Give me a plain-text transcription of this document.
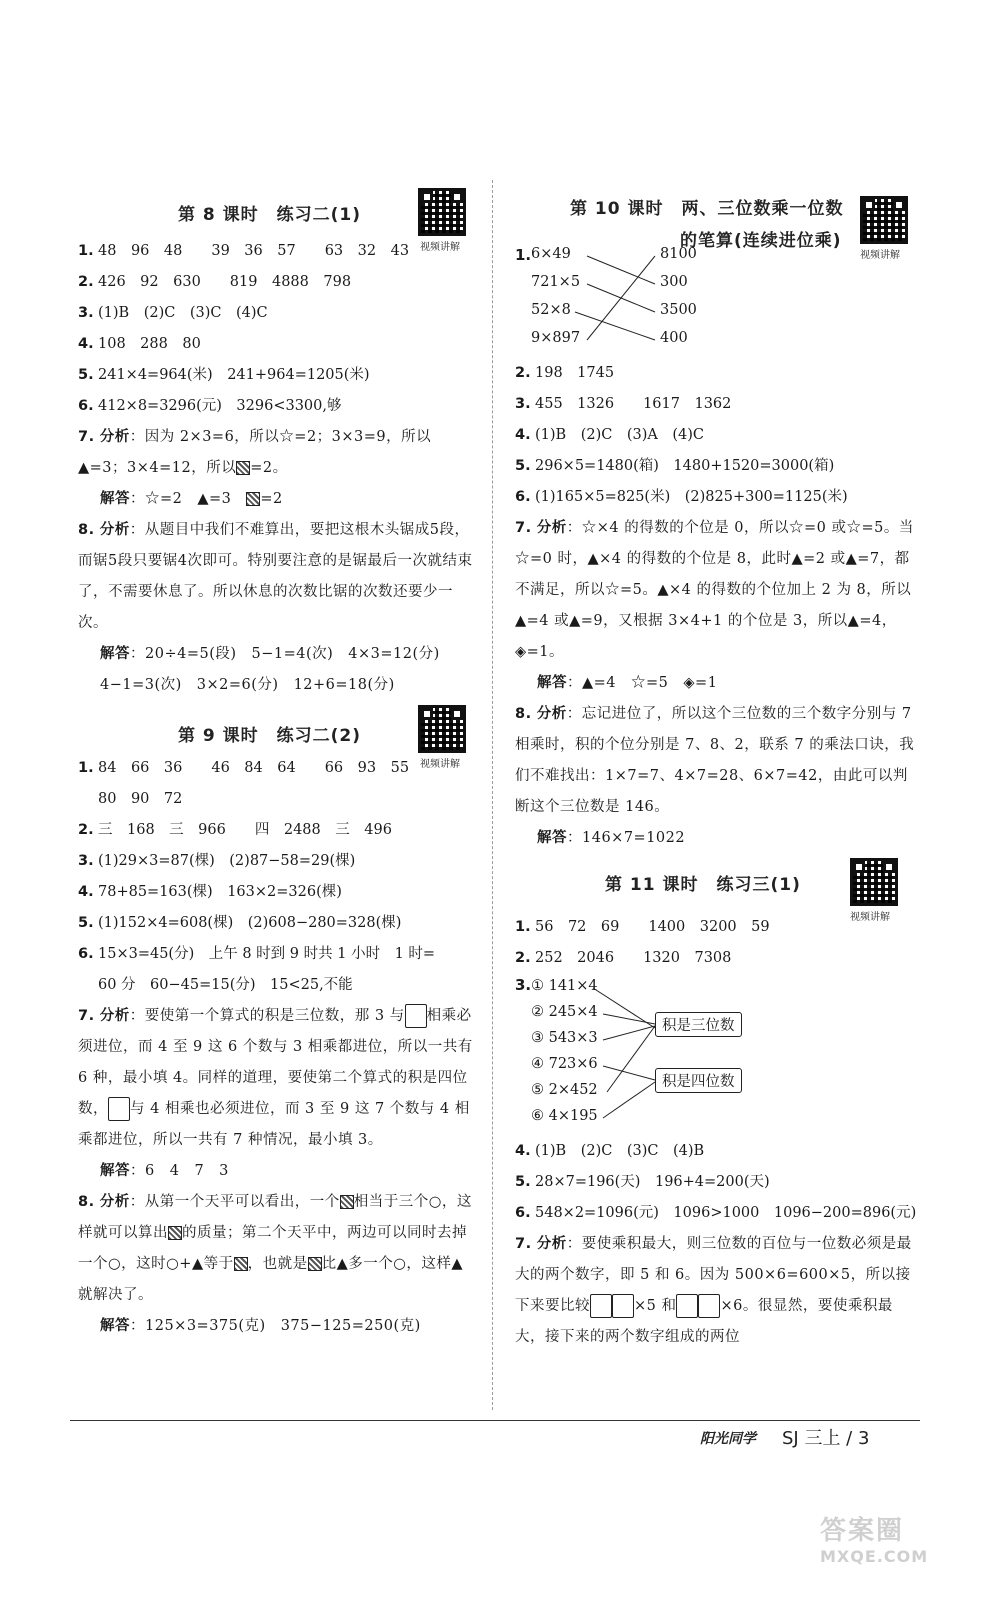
第 8 课时　练习二(1)
视频讲解
1. 48　96　48　　39　36　57　　63　32　43
2. 426　92　630　　819　4888　798
3. (1)B　(2)C　(3)C　(4)C
4. 108　288　80
5. 241×4=964(米)　241+964=1205(米)
6. 412×8=3296(元)　3296<3300,够
7. 分析：因为 2×3=6，所以☆=2；3×3=9，所以▲=3；3×4=12，所以 =2。
解答：☆=2　▲=3　=2
8. 分析：从题目中我们不难算出，要把这根木头锯成5段，而锯5段只要锯4次即可。特别要注意的是锯最后一次就结束了，不需要休息了。所以休息的次数比锯的次数还要少一次。
解答：20÷4=5(段)　5−1=4(次)　4×3=12(分)
4−1=3(次)　3×2=6(分)　12+6=18(分)
第 9 课时　练习二(2)
视频讲解
1. 84　66　36　　46　84　64　　66　93　55
80　90　72
2. 三　168　三　966　　四　2488　三　496
3. (1)29×3=87(棵)　(2)87−58=29(棵)
4. 78+85=163(棵)　163×2=326(棵)
5. (1)152×4=608(棵)　(2)608−280=328(棵)
6. 15×3=45(分)　上午 8 时到 9 时共 1 小时　1 时=
60 分　60−45=15(分)　15<25,不能
7. 分析：要使第一个算式的积是三位数，那 3 与 相乘必须进位，而 4 至 9 这 6 个数与 3 相乘都进位，所以一共有 6 种，最小填 4。同样的道理，要使第二个算式的积是四位数， 与 4 相乘也必须进位，而 3 至 9 这 7 个数与 4 相乘都进位，所以一共有 7 种情况，最小填 3。
解答：6　4　7　3
8. 分析：从第一个天平可以看出，一个 相当于三个○，这样就可以算出 的质量；第二个天平中，两边可以同时去掉一个○，这时○+▲等于 ，也就是 比▲多一个○，这样▲就解决了。
解答：125×3=375(克)　375−125=250(克)
第 10 课时　两、三位数乘一位数
的笔算(连续进位乘)
视频讲解
1. 6×49
721×5
52×8
9×897
8100
300
3500
400
2. 198　1745
3. 455　1326　　1617　1362
4. (1)B　(2)C　(3)A　(4)C
5. 296×5=1480(箱)　1480+1520=3000(箱)
6. (1)165×5=825(米)　(2)825+300=1125(米)
7. 分析：☆×4 的得数的个位是 0，所以☆=0 或☆=5。当☆=0 时，▲×4 的得数的个位是 8，此时▲=2 或▲=7，都不满足，所以☆=5。▲×4 的得数的个位加上 2 为 8，所以▲=4 或▲=9，又根据 3×4+1 的个位是 3，所以▲=4，◈=1。
解答：▲=4　☆=5　◈=1
8. 分析：忘记进位了，所以这个三位数的三个数字分别与 7 相乘时，积的个位分别是 7、8、2，联系 7 的乘法口诀，我们不难找出：1×7=7、4×7=28、6×7=42，由此可以判断这个三位数是 146。
解答：146×7=1022
第 11 课时　练习三(1)
视频讲解
1. 56　72　69　　1400　3200　59
2. 252　2046　　1320　7308
3. ① 141×4
② 245×4
③ 543×3
④ 723×6
⑤ 2×452
⑥ 4×195
积是三位数
积是四位数
4. (1)B　(2)C　(3)C　(4)B
5. 28×7=196(天)　196+4=200(天)
6. 548×2=1096(元)　1096>1000　1096−200=896(元)
7. 分析：要使乘积最大，则三位数的百位与一位数必须是最大的两个数字，即 5 和 6。因为 500×6=600×5，所以接下来要比较	×5 和	×6。很显然，要使乘积最大，接下来的两个数字组成的两位
阳光同学 SJ 三上 / 3
答案圈
MXQE.COM
